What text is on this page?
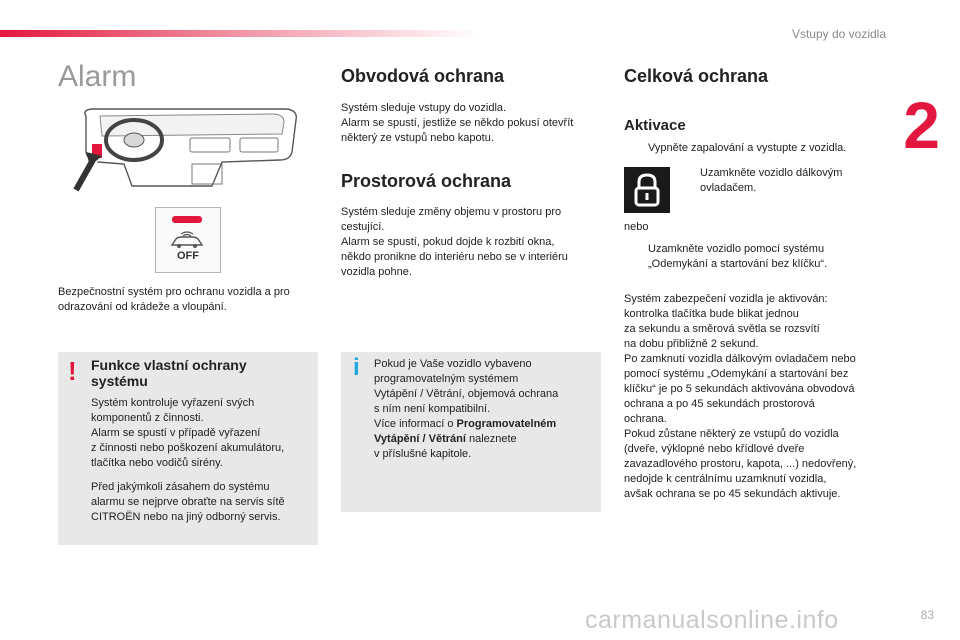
Vstupy do vozidla
2
Alarm
OFF

Bezpečnostní systém pro ochranu vozidla a pro odrazování od krádeže a vloupání.

! Funkce vlastní ochrany
systému
Systém kontroluje vyřazení svých
komponentů z činnosti.
Alarm se spustí v případě vyřazení
z činnosti nebo poškození akumulátoru,
tlačítka nebo vodičů sirény.
Před jakýmkoli zásahem do systému
alarmu se nejprve obraťte na servis sítě
CITROËN nebo na jiný odborný servis.
Obvodová ochrana
Systém sleduje vstupy do vozidla.
Alarm se spustí, jestliže se někdo pokusí otevřít
některý ze vstupů nebo kapotu.
Prostorová ochrana
Systém sleduje změny objemu v prostoru pro
cestující.
Alarm se spustí, pokud dojde k rozbití okna,
někdo pronikne do interiéru nebo se v interiéru
vozidla pohne.
i Pokud je Vaše vozidlo vybaveno
programovatelným systémem
Vytápění / Větrání, objemová ochrana
s ním není kompatibilní.
Více informací o Programovatelném
Vytápění / Větrání naleznete
v příslušné kapitole.
Celková ochrana
Aktivace
Vypněte zapalování a vystupte z vozidla.
Uzamkněte vozidlo dálkovým
ovladačem.

nebo

Uzamkněte vozidlo pomocí systému
„Odemykání a startování bez klíčku“.
Systém zabezpečení vozidla je aktivován:
kontrolka tlačítka bude blikat jednou
za sekundu a směrová světla se rozsvítí
na dobu přibližně 2 sekund.
Po zamknutí vozidla dálkovým ovladačem nebo
pomocí systému „Odemykání a startování bez
klíčku“ je po 5 sekundách aktivována obvodová
ochrana a po 45 sekundách prostorová
ochrana.
Pokud zůstane některý ze vstupů do vozidla
(dveře, výklopné nebo křídlové dveře
zavazadlového prostoru, kapota, ...) nedovřený,
nedojde k centrálnímu uzamknutí vozidla,
avšak ochrana se po 45 sekundách aktivuje.
carmanualsonline.info	83
